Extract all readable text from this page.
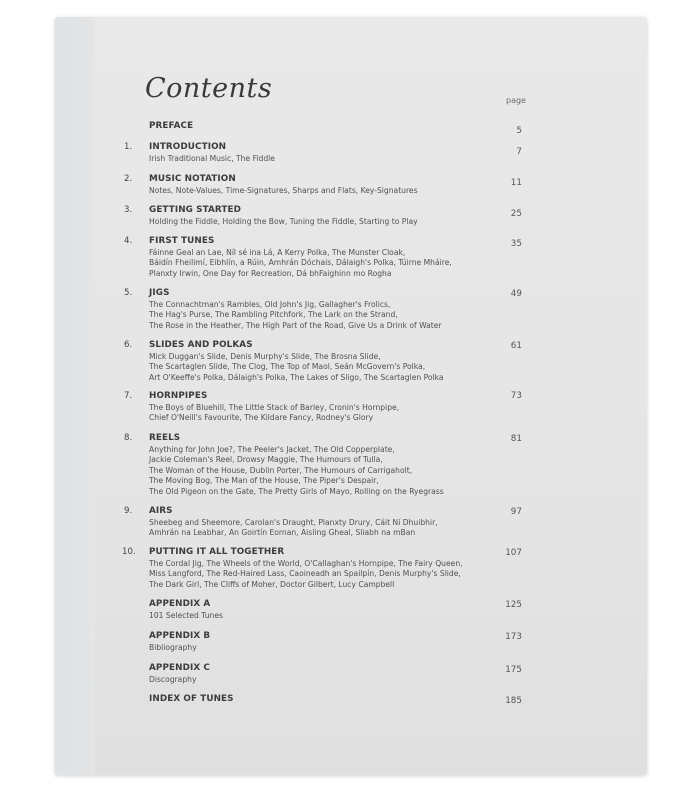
Contents	page
PREFACE	5
1. INTRODUCTION	7
Irish Traditional Music, The Fiddle
2. MUSIC NOTATION	11
Notes, Note-Values, Time-Signatures, Sharps and Flats, Key-Signatures
3. GETTING STARTED	25
Holding the Fiddle, Holding the Bow, Tuning the Fiddle, Starting to Play
4. FIRST TUNES	35
Fáinne Geal an Lae, Níl sé ina Lá, A Kerry Polka, The Munster Cloak,
Báidín Fheilimí, Eibhlín, a Rúin, Amhrán Dóchais, Dálaigh's Polka, Túirne Mháire,
Planxty Irwin, One Day for Recreation, Dá bhFaighinn mo Rogha
5. JIGS	49
The Connachtman's Rambles, Old John's Jig, Gallagher's Frolics,
The Hag's Purse, The Rambling Pitchfork, The Lark on the Strand,
The Rose in the Heather, The High Part of the Road, Give Us a Drink of Water
6. SLIDES AND POLKAS	61
Mick Duggan's Slide, Denis Murphy's Slide, The Brosna Slide,
The Scartaglen Slide, The Clog, The Top of Maol, Seán McGovern's Polka,
Art O'Keeffe's Polka, Dálaigh's Polka, The Lakes of Sligo, The Scartaglen Polka
7. HORNPIPES	73
The Boys of Bluehill, The Little Stack of Barley, Cronin's Hornpipe,
Chief O'Neill's Favourite, The Kildare Fancy, Rodney's Glory
8. REELS	81
Anything for John Joe?, The Peeler's Jacket, The Old Copperplate,
Jackie Coleman's Reel, Drowsy Maggie, The Humours of Tulla,
The Woman of the House, Dublin Porter, The Humours of Carrigaholt,
The Moving Bog, The Man of the House, The Piper's Despair,
The Old Pigeon on the Gate, The Pretty Girls of Mayo, Rolling on the Ryegrass
9. AIRS	97
Sheebeg and Sheemore, Carolan's Draught, Planxty Drury, Cáit Ní Dhuibhir,
Amhrán na Leabhar, An Goirtín Eornan, Aisling Gheal, Sliabh na mBan
10. PUTTING IT ALL TOGETHER	107
The Cordal Jig, The Wheels of the World, O'Callaghan's Hornpipe, The Fairy Queen,
Miss Langford, The Red-Haired Lass, Caoineadh an Spailpín, Denis Murphy's Slide,
The Dark Girl, The Cliffs of Moher, Doctor Gilbert, Lucy Campbell
APPENDIX A	125
101 Selected Tunes
APPENDIX B	173
Bibliography
APPENDIX C	175
Discography
INDEX OF TUNES	185
